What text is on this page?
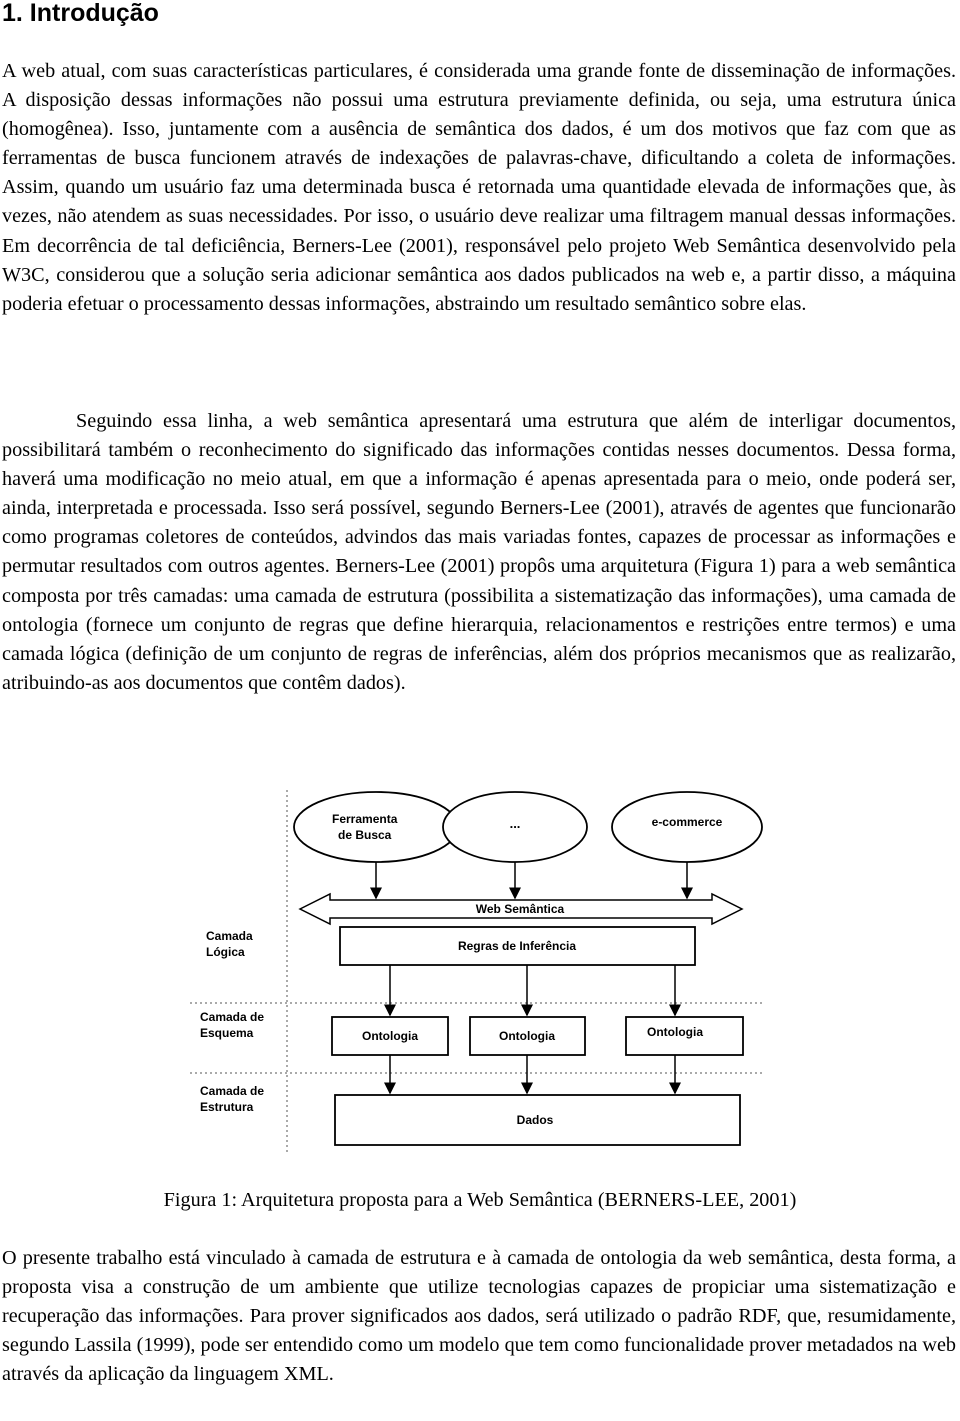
1. Introdução

A web atual, com suas características particulares, é considerada uma grande fonte de disseminação de informações. A disposição dessas informações não possui uma estrutura previamente definida, ou seja, uma estrutura única (homogênea). Isso, juntamente com a ausência de semântica dos dados, é um dos motivos que faz com que as ferramentas de busca funcionem através de indexações de palavras-chave, dificultando a coleta de informações. Assim, quando um usuário faz uma determinada busca é retornada uma quantidade elevada de informações que, às vezes, não atendem as suas necessidades. Por isso, o usuário deve realizar uma filtragem manual dessas informações. Em decorrência de tal deficiência, Berners-Lee (2001), responsável pelo projeto Web Semântica desenvolvido pela W3C, considerou que a solução seria adicionar semântica aos dados publicados na web e, a partir disso, a máquina poderia efetuar o processamento dessas informações, abstraindo um resultado semântico sobre elas.

Seguindo essa linha, a web semântica apresentará uma estrutura que além de interligar documentos, possibilitará também o reconhecimento do significado das informações contidas nesses documentos. Dessa forma, haverá uma modificação no meio atual, em que a informação é apenas apresentada para o meio, onde poderá ser, ainda, interpretada e processada. Isso será possível, segundo Berners-Lee (2001), através de agentes que funcionarão como programas coletores de conteúdos, advindos das mais variadas fontes, capazes de processar as informações e permutar resultados com outros agentes. Berners-Lee (2001) propôs uma arquitetura (Figura 1) para a web semântica composta por três camadas: uma camada de estrutura (possibilita a sistematização das informações), uma camada de ontologia (fornece um conjunto de regras que define hierarquia, relacionamentos e restrições entre termos) e uma camada lógica (definição de um conjunto de regras de inferências, além dos próprios mecanismos que as realizarão, atribuindo-as aos documentos que contêm dados).

Ferramenta
de Busca
...	e-commerce
Web Semântica
Regras de Inferência
Camada
Lógica
Camada de
Esquema
Camada de
Estrutura
Ontologia	Ontologia	Ontologia
Dados

Figura 1: Arquitetura proposta para a Web Semântica (BERNERS-LEE, 2001)

O presente trabalho está vinculado à camada de estrutura e à camada de ontologia da web semântica, desta forma, a proposta visa a construção de um ambiente que utilize tecnologias capazes de propiciar uma sistematização e recuperação das informações. Para prover significados aos dados, será utilizado o padrão RDF, que, resumidamente, segundo Lassila (1999), pode ser entendido como um modelo que tem como funcionalidade prover metadados na web através da aplicação da linguagem XML.
